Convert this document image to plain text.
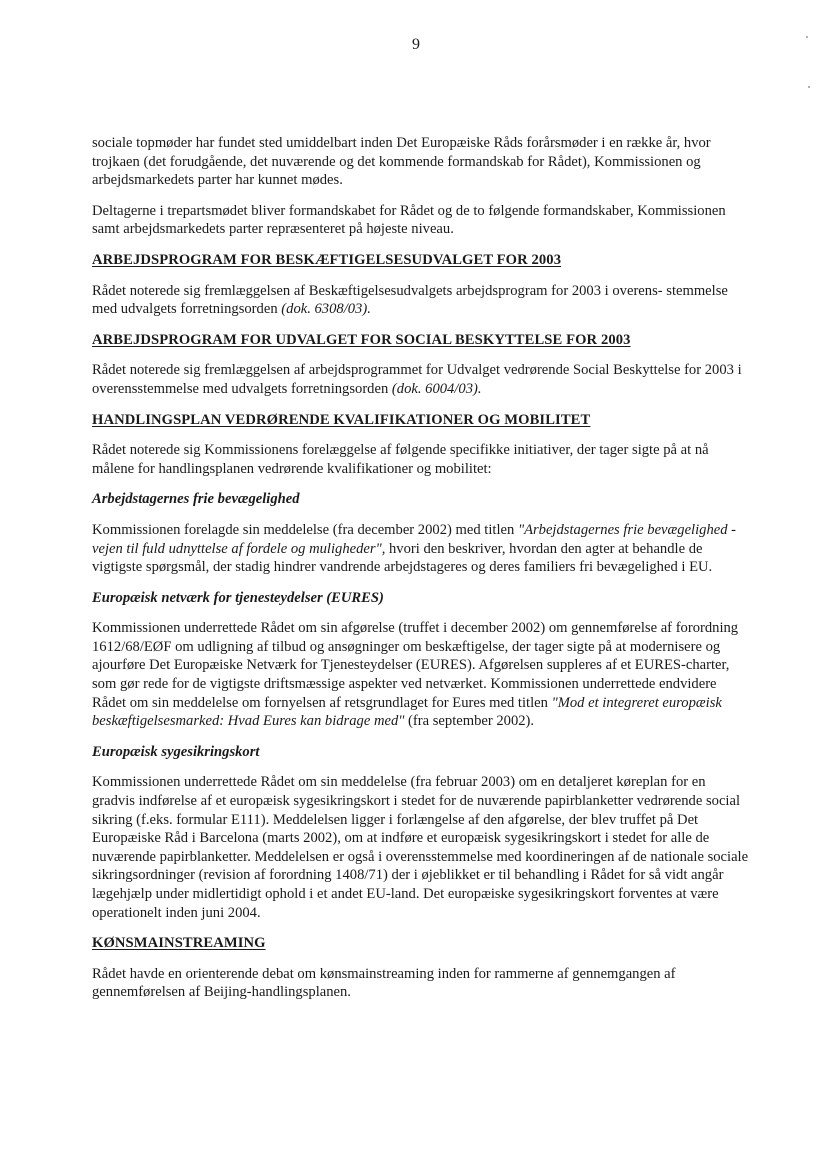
9

sociale topmøder har fundet sted umiddelbart inden Det Europæiske Råds forårsmøder i en række år, hvor trojkaen (det forudgående, det nuværende og det kommende formandskab for Rådet), Kommissionen og arbejdsmarkedets parter har kunnet mødes.

Deltagerne i trepartsmødet bliver formandskabet for Rådet og de to følgende formandskaber, Kommissionen samt arbejdsmarkedets parter repræsenteret på højeste niveau.

ARBEJDSPROGRAM FOR BESKÆFTIGELSESUDVALGET FOR 2003

Rådet noterede sig fremlæggelsen af Beskæftigelsesudvalgets arbejdsprogram for 2003 i overens- stemmelse med udvalgets forretningsorden (dok. 6308/03).

ARBEJDSPROGRAM FOR UDVALGET FOR SOCIAL BESKYTTELSE FOR 2003

Rådet noterede sig fremlæggelsen af arbejdsprogrammet for Udvalget vedrørende Social Beskyttelse for 2003 i overensstemmelse med udvalgets forretningsorden (dok. 6004/03).

HANDLINGSPLAN VEDRØRENDE KVALIFIKATIONER OG MOBILITET

Rådet noterede sig Kommissionens forelæggelse af følgende specifikke initiativer, der tager sigte på at nå målene for handlingsplanen vedrørende kvalifikationer og mobilitet:

Arbejdstagernes frie bevægelighed

Kommissionen forelagde sin meddelelse (fra december 2002) med titlen "Arbejdstagernes frie bevægelighed - vejen til fuld udnyttelse af fordele og muligheder", hvori den beskriver, hvordan den agter at behandle de vigtigste spørgsmål, der stadig hindrer vandrende arbejdstageres og deres familiers fri bevægelighed i EU.

Europæisk netværk for tjenesteydelser (EURES)

Kommissionen underrettede Rådet om sin afgørelse (truffet i december 2002) om gennemførelse af forordning 1612/68/EØF om udligning af tilbud og ansøgninger om beskæftigelse, der tager sigte på at modernisere og ajourføre Det Europæiske Netværk for Tjenesteydelser (EURES). Afgørelsen suppleres af et EURES-charter, som gør rede for de vigtigste driftsmæssige aspekter ved netværket. Kommissionen underrettede endvidere Rådet om sin meddelelse om fornyelsen af retsgrundlaget for Eures med titlen "Mod et integreret europæisk beskæftigelsesmarked: Hvad Eures kan bidrage med" (fra september 2002).

Europæisk sygesikringskort

Kommissionen underrettede Rådet om sin meddelelse (fra februar 2003) om en detaljeret køreplan for en gradvis indførelse af et europæisk sygesikringskort i stedet for de nuværende papirblanketter vedrørende social sikring (f.eks. formular E111). Meddelelsen ligger i forlængelse af den afgørelse, der blev truffet på Det Europæiske Råd i Barcelona (marts 2002), om at indføre et europæisk sygesikringskort i stedet for alle de nuværende papirblanketter. Meddelelsen er også i overensstemmelse med koordineringen af de nationale sociale sikringsordninger (revision af forordning 1408/71) der i øjeblikket er til behandling i Rådet for så vidt angår lægehjælp under midlertidigt ophold i et andet EU-land. Det europæiske sygesikringskort forventes at være operationelt inden juni 2004.

KØNSMAINSTREAMING

Rådet havde en orienterende debat om kønsmainstreaming inden for rammerne af gennemgangen af gennemførelsen af Beijing-handlingsplanen.
